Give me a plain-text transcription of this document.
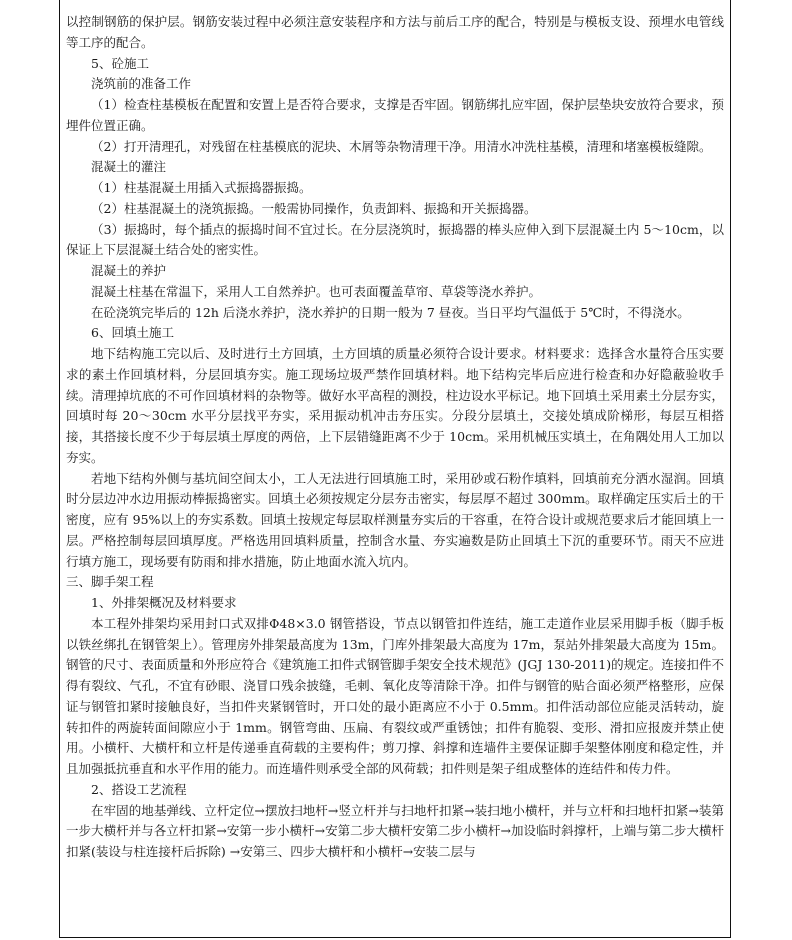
以控制钢筋的保护层。钢筋安装过程中必须注意安装程序和方法与前后工序的配合，特别是与模板支设、预埋水电管线等工序的配合。

5、砼施工

浇筑前的准备工作

（1）检查柱基模板在配置和安置上是否符合要求，支撑是否牢固。钢筋绑扎应牢固，保护层垫块安放符合要求，预埋件位置正确。

（2）打开清理孔，对残留在柱基模底的泥块、木屑等杂物清理干净。用清水冲洗柱基模，清理和堵塞模板缝隙。

混凝土的灌注

（1）柱基混凝土用插入式振捣器振捣。

（2）柱基混凝土的浇筑振捣。一般需协同操作，负责卸料、振捣和开关振捣器。

（3）振捣时，每个插点的振捣时间不宜过长。在分层浇筑时，振捣器的棒头应伸入到下层混凝土内 5～10cm，以保证上下层混凝土结合处的密实性。

混凝土的养护

混凝土柱基在常温下，采用人工自然养护。也可表面覆盖草帘、草袋等浇水养护。

在砼浇筑完毕后的 12h 后浇水养护，浇水养护的日期一般为 7 昼夜。当日平均气温低于 5℃时，不得浇水。

6、回填土施工

地下结构施工完以后、及时进行土方回填，土方回填的质量必须符合设计要求。材料要求：选择含水量符合压实要求的素土作回填材料，分层回填夯实。施工现场垃圾严禁作回填材料。地下结构完毕后应进行检查和办好隐蔽验收手续。清理掉坑底的不可作回填材料的杂物等。做好水平高程的测投，柱边设水平标记。地下回填土采用素土分层夯实，回填时每 20～30cm 水平分层找平夯实，采用振动机冲击夯压实。分段分层填土，交接处填成阶梯形，每层互相搭接，其搭接长度不少于每层填土厚度的两倍，上下层错缝距离不少于 10cm。采用机械压实填土，在角隅处用人工加以夯实。

若地下结构外侧与基坑间空间太小，工人无法进行回填施工时，采用砂或石粉作填料，回填前充分洒水湿润。回填时分层边冲水边用振动棒振捣密实。回填土必须按规定分层夯击密实，每层厚不超过 300mm。取样确定压实后土的干密度，应有 95%以上的夯实系数。回填土按规定每层取样测量夯实后的干容重，在符合设计或规范要求后才能回填上一层。严格控制每层回填厚度。严格选用回填料质量，控制含水量、夯实遍数是防止回填土下沉的重要环节。雨天不应进行填方施工，现场要有防雨和排水措施，防止地面水流入坑内。

三、脚手架工程

1、外排架概况及材料要求

本工程外排架均采用封口式双排Φ48×3.0 钢管搭设，节点以钢管扣件连结，施工走道作业层采用脚手板（脚手板以铁丝绑扎在钢管架上）。管理房外排架最高度为 13m，门库外排架最大高度为 17m，泵站外排架最大高度为 15m。 钢管的尺寸、表面质量和外形应符合《建筑施工扣件式钢管脚手架安全技术规范》(JGJ 130-2011)的规定。连接扣件不得有裂纹、气孔，不宜有砂眼、浇冒口残余披缝，毛刺、氧化皮等清除干净。扣件与钢管的贴合面必须严格整形，应保证与钢管扣紧时接触良好，当扣件夹紧钢管时，开口处的最小距离应不小于 0.5mm。扣件活动部位应能灵活转动，旋转扣件的两旋转面间隙应小于 1mm。钢管弯曲、压扁、有裂纹或严重锈蚀；扣件有脆裂、变形、滑扣应报废并禁止使用。小横杆、大横杆和立杆是传递垂直荷载的主要构件；剪刀撑、斜撑和连墙件主要保证脚手架整体刚度和稳定性，并且加强抵抗垂直和水平作用的能力。而连墙件则承受全部的风荷载；扣件则是架子组成整体的连结件和传力件。

2、搭设工艺流程

在牢固的地基弹线、立杆定位→摆放扫地杆→竖立杆并与扫地杆扣紧→装扫地小横杆，并与立杆和扫地杆扣紧→装第一步大横杆并与各立杆扣紧→安第一步小横杆→安第二步大横杆安第二步小横杆→加设临时斜撑杆，上端与第二步大横杆扣紧(装设与柱连接杆后拆除) →安第三、四步大横杆和小横杆→安装二层与
